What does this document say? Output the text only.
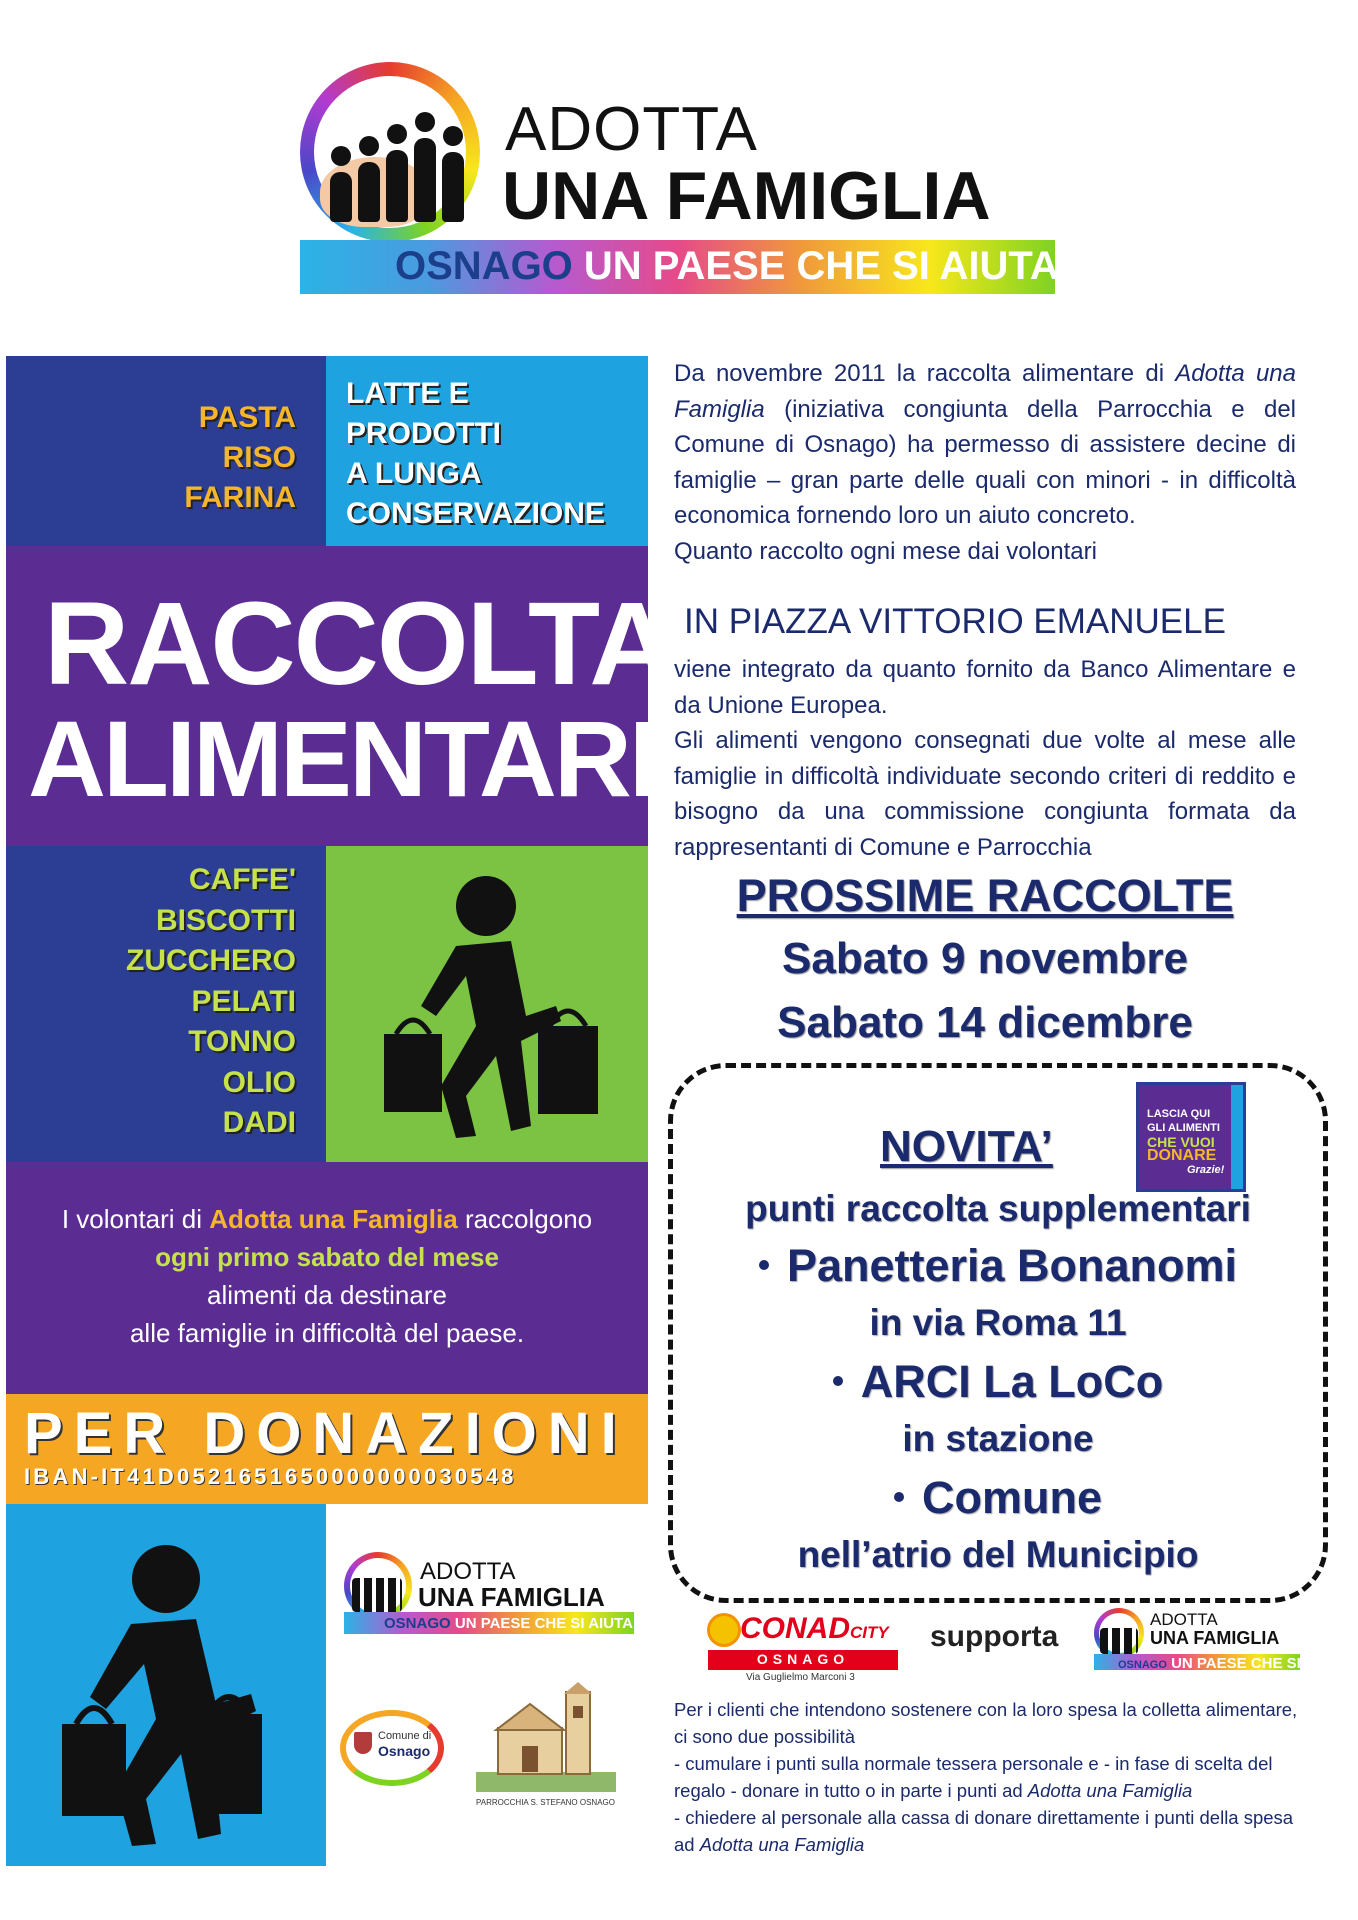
ADOTTA
UNA FAMIGLIA
OSNAGO UN PAESE CHE SI AIUTA
PASTA
RISO
FARINA
LATTE E
PRODOTTI
A LUNGA
CONSERVAZIONE
RACCOLTA
ALIMENTARE
CAFFE'
BISCOTTI
ZUCCHERO
PELATI
TONNO
OLIO
DADI

I volontari di Adotta una Famiglia raccolgono

ogni primo sabato del mese

alimenti da destinare

alle famiglie in difficoltà del paese.

PER DONAZIONI
IBAN-IT41D0521651650000000030548
ADOTTA
UNA FAMIGLIA
OSNAGO UN PAESE CHE SI AIUTA
Comune di
Osnago
PARROCCHIA S. STEFANO OSNAGO

Da novembre 2011 la raccolta alimentare di Adotta una Famiglia (iniziativa congiunta della Parrocchia e del Comune di Osnago) ha permesso di assistere decine di famiglie – gran parte delle quali con minori - in difficoltà economica fornendo loro un aiuto concreto.

Quanto raccolto ogni mese dai volontari

IN PIAZZA VITTORIO EMANUELE

viene integrato da quanto fornito da Banco Alimentare e da Unione Europea.

Gli alimenti vengono consegnati due volte al mese alle famiglie in difficoltà individuate secondo criteri di reddito e bisogno da una commissione congiunta formata da rappresentanti di Comune e Parrocchia

PROSSIME RACCOLTE
Sabato 9 novembre
Sabato 14 dicembre
NOVITA’
LASCIA QUI
GLI ALIMENTI
CHE VUOI
DONARE
Grazie!
punti raccolta supplementari
Panetteria Bonanomi
in via Roma 11
ARCI La LoCo
in stazione
Comune
nell’atrio del Municipio
CONADCITY
OSNAGO
Via Guglielmo Marconi 3
supporta
ADOTTA
UNA FAMIGLIA
OSNAGO UN PAESE CHE SI AIUTA

Per i clienti che intendono sostenere con la loro spesa la colletta alimentare, ci sono due possibilità

- cumulare i punti sulla normale tessera personale e - in fase di scelta del regalo - donare in tutto o in parte i punti ad Adotta una Famiglia

- chiedere al personale alla cassa di donare direttamente i punti della spesa ad Adotta una Famiglia
